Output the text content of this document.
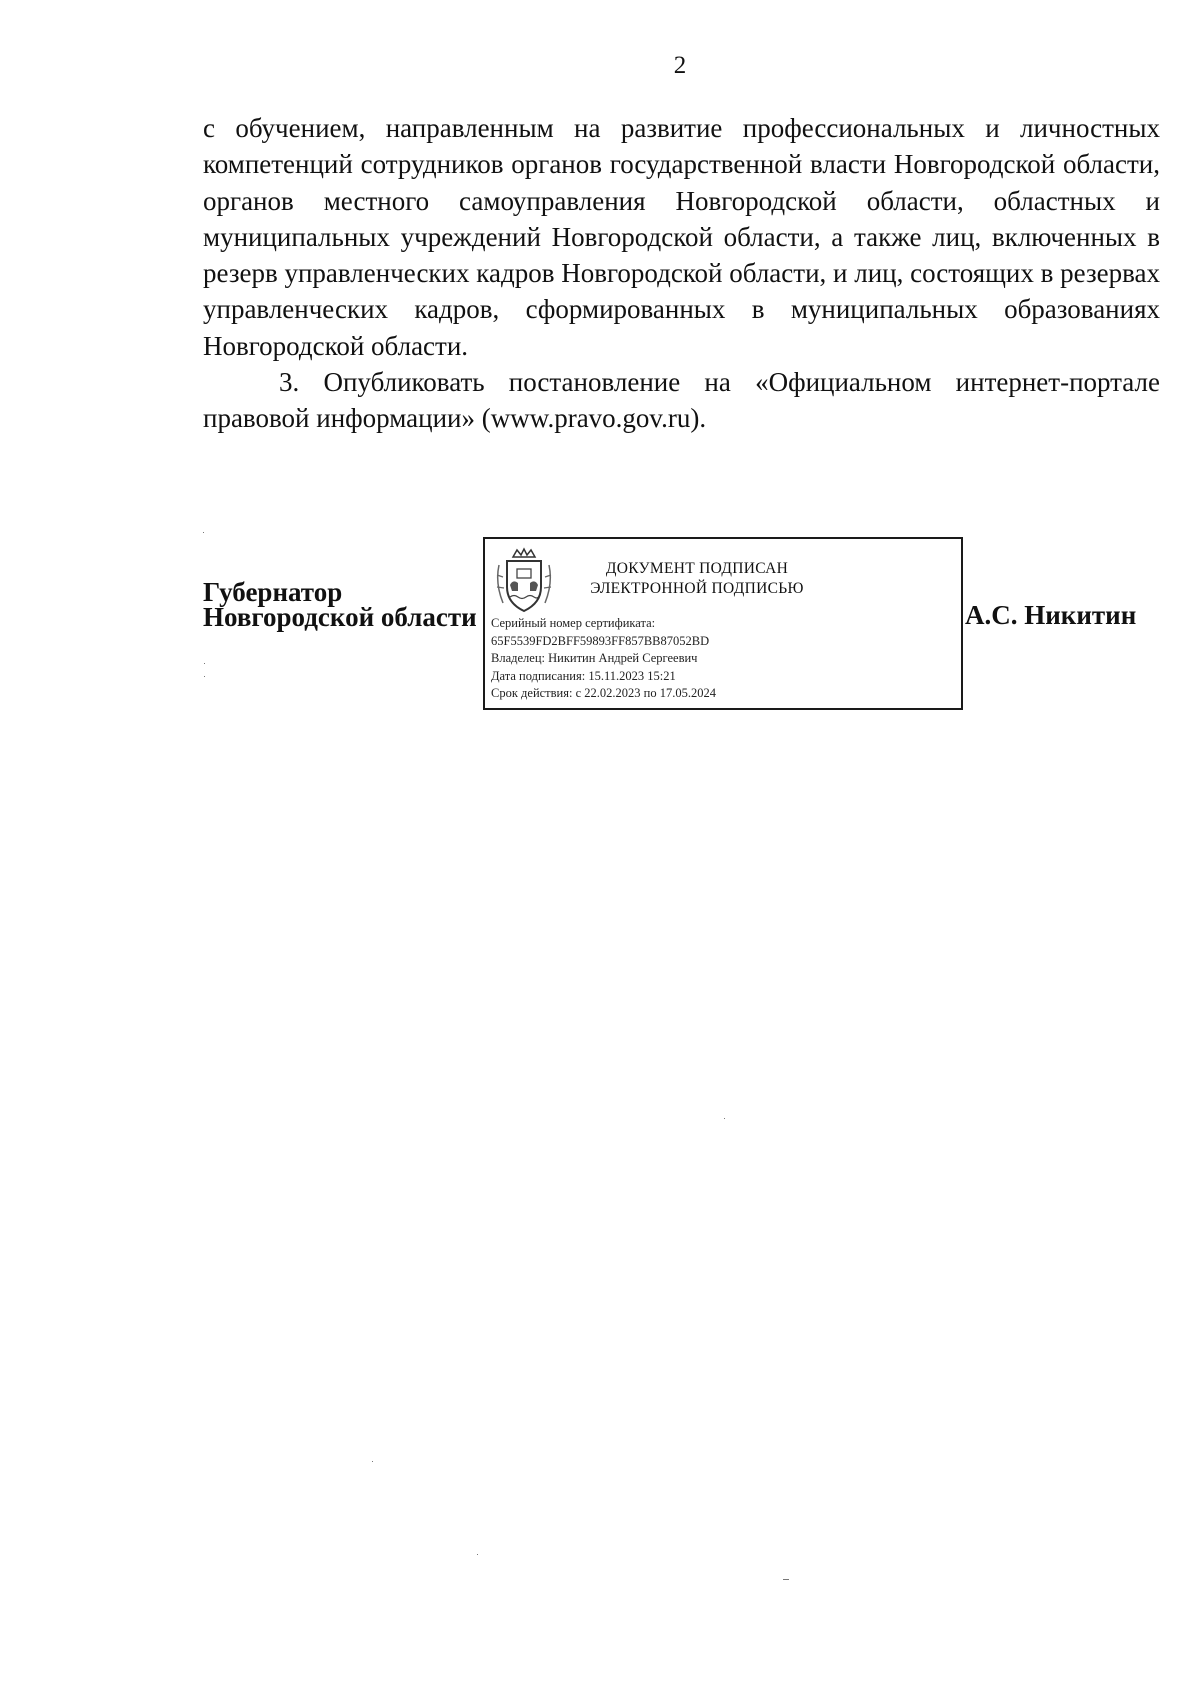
2

с обучением, направленным на развитие профессиональных и личностных компетенций сотрудников органов государственной власти Новгородской области, органов местного самоуправления Новгородской области, областных и муниципальных учреждений Новгородской области, а также лиц, включенных в резерв управленческих кадров Новгородской области, и лиц, состоящих в резервах управленческих кадров, сформированных в муниципальных образованиях Новгородской области.

3. Опубликовать постановление на «Официальном интернет-портале правовой информации» (www.pravo.gov.ru).

Губернатор
Новгородской области
ДОКУМЕНТ ПОДПИСАН
ЭЛЕКТРОННОЙ ПОДПИСЬЮ
Серийный номер сертификата:
65F5539FD2BFF59893FF857BB87052BD
Владелец: Никитин Андрей Сергеевич
Дата подписания: 15.11.2023 15:21
Срок действия: с 22.02.2023 по 17.05.2024
А.С. Никитин
